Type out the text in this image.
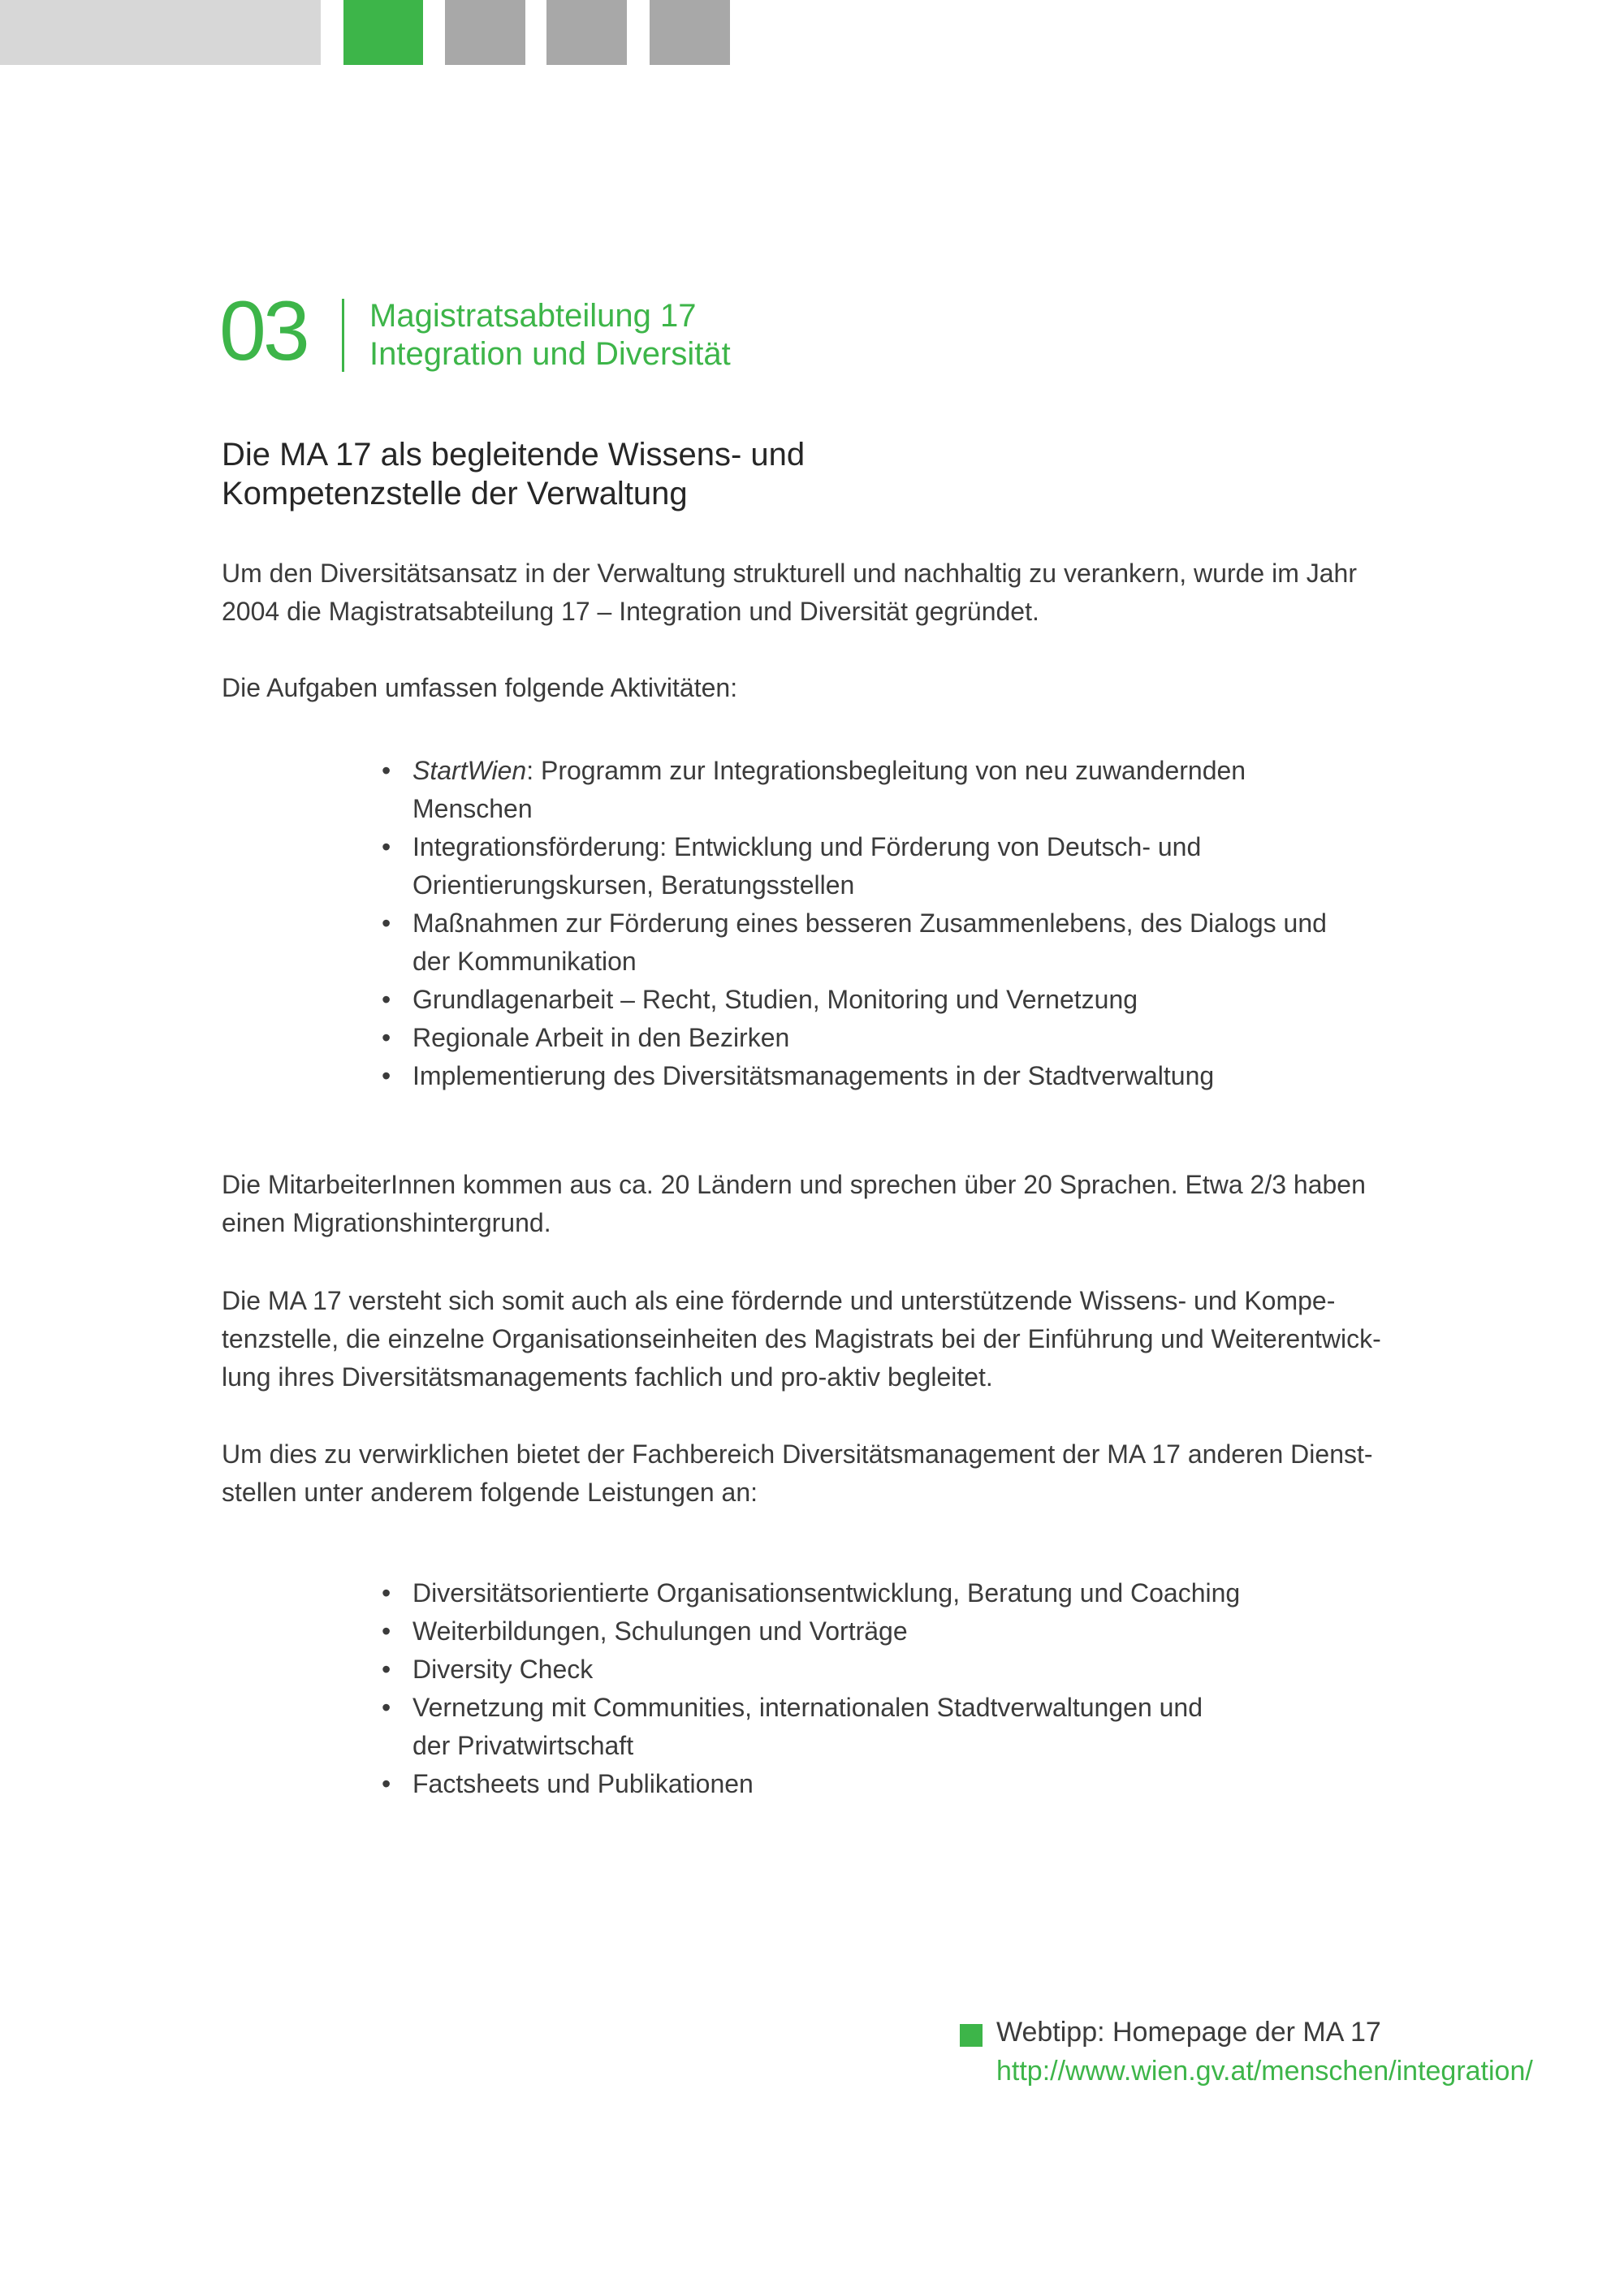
03 Magistratsabteilung 17
Integration und Diversität
Die MA 17 als begleitende Wissens- und
Kompetenzstelle der Verwaltung
Um den Diversitätsansatz in der Verwaltung strukturell und nachhaltig zu verankern, wurde im Jahr
2004 die Magistratsabteilung 17 – Integration und Diversität gegründet.
Die Aufgaben umfassen folgende Aktivitäten:
• StartWien: Programm zur Integrationsbegleitung von neu zuwandernden
Menschen
• Integrationsförderung: Entwicklung und Förderung von Deutsch- und
Orientierungskursen, Beratungsstellen
• Maßnahmen zur Förderung eines besseren Zusammenlebens, des Dialogs und
der Kommunikation
• Grundlagenarbeit – Recht, Studien, Monitoring und Vernetzung
• Regionale Arbeit in den Bezirken
• Implementierung des Diversitätsmanagements in der Stadtverwaltung
Die MitarbeiterInnen kommen aus ca. 20 Ländern und sprechen über 20 Sprachen. Etwa 2/3 haben
einen Migrationshintergrund.
Die MA 17 versteht sich somit auch als eine fördernde und unterstützende Wissens- und Kompe-
tenzstelle, die einzelne Organisationseinheiten des Magistrats bei der Einführung und Weiterentwick-
lung ihres Diversitätsmanagements fachlich und pro-aktiv begleitet.
Um dies zu verwirklichen bietet der Fachbereich Diversitätsmanagement der MA 17 anderen Dienst-
stellen unter anderem folgende Leistungen an:
• Diversitätsorientierte Organisationsentwicklung, Beratung und Coaching
• Weiterbildungen, Schulungen und Vorträge
• Diversity Check
• Vernetzung mit Communities, internationalen Stadtverwaltungen und
der Privatwirtschaft
• Factsheets und Publikationen
Webtipp: Homepage der MA 17
http://www.wien.gv.at/menschen/integration/
